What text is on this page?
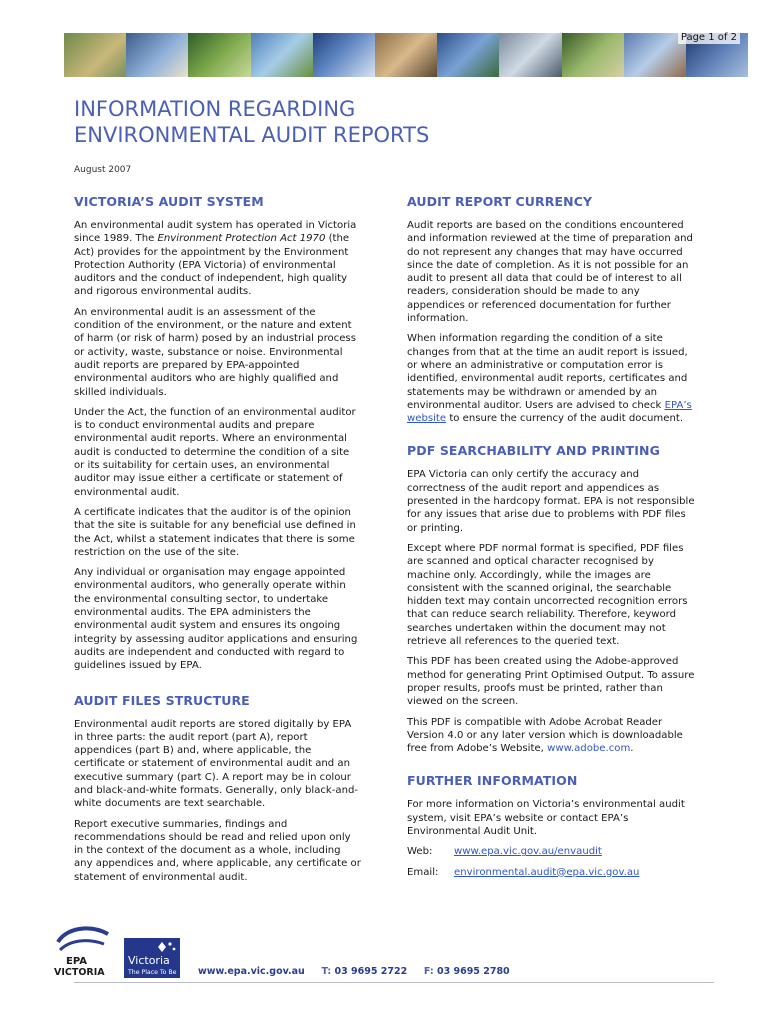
Page 1 of 2
INFORMATION REGARDING
ENVIRONMENTAL AUDIT REPORTS
August 2007
VICTORIA’S AUDIT SYSTEM

An environmental audit system has operated in Victoria since 1989. The Environment Protection Act 1970 (the Act) provides for the appointment by the Environment Protection Authority (EPA Victoria) of environmental auditors and the conduct of independent, high quality and rigorous environmental audits.

An environmental audit is an assessment of the condition of the environment, or the nature and extent of harm (or risk of harm) posed by an industrial process or activity, waste, substance or noise. Environmental audit reports are prepared by EPA-appointed environmental auditors who are highly qualified and skilled individuals.

Under the Act, the function of an environmental auditor is to conduct environmental audits and prepare environmental audit reports. Where an environmental audit is conducted to determine the condition of a site or its suitability for certain uses, an environmental auditor may issue either a certificate or statement of environmental audit.

A certificate indicates that the auditor is of the opinion that the site is suitable for any beneficial use defined in the Act, whilst a statement indicates that there is some restriction on the use of the site.

Any individual or organisation may engage appointed environmental auditors, who generally operate within the environmental consulting sector, to undertake environmental audits. The EPA administers the environmental audit system and ensures its ongoing integrity by assessing auditor applications and ensuring audits are independent and conducted with regard to guidelines issued by EPA.

AUDIT FILES STRUCTURE

Environmental audit reports are stored digitally by EPA in three parts: the audit report (part A), report appendices (part B) and, where applicable, the certificate or statement of environmental audit and an executive summary (part C). A report may be in colour and black-and-white formats. Generally, only black-and-white documents are text searchable.

Report executive summaries, findings and recommendations should be read and relied upon only in the context of the document as a whole, including any appendices and, where applicable, any certificate or statement of environmental audit.

AUDIT REPORT CURRENCY

Audit reports are based on the conditions encountered and information reviewed at the time of preparation and do not represent any changes that may have occurred since the date of completion. As it is not possible for an audit to present all data that could be of interest to all readers, consideration should be made to any appendices or referenced documentation for further information.

When information regarding the condition of a site changes from that at the time an audit report is issued, or where an administrative or computation error is identified, environmental audit reports, certificates and statements may be withdrawn or amended by an environmental auditor. Users are advised to check EPA’s website to ensure the currency of the audit document.

PDF SEARCHABILITY AND PRINTING

EPA Victoria can only certify the accuracy and correctness of the audit report and appendices as presented in the hardcopy format. EPA is not responsible for any issues that arise due to problems with PDF files or printing.

Except where PDF normal format is specified, PDF files are scanned and optical character recognised by machine only. Accordingly, while the images are consistent with the scanned original, the searchable hidden text may contain uncorrected recognition errors that can reduce search reliability. Therefore, keyword searches undertaken within the document may not retrieve all references to the queried text.

This PDF has been created using the Adobe-approved method for generating Print Optimised Output. To assure proper results, proofs must be printed, rather than viewed on the screen.

This PDF is compatible with Adobe Acrobat Reader Version 4.0 or any later version which is downloadable free from Adobe’s Website, www.adobe.com.

FURTHER INFORMATION

For more information on Victoria’s environmental audit system, visit EPA’s website or contact EPA’s Environmental Audit Unit.

Web:	www.epa.vic.gov.au/envaudit
Email:	environmental.audit@epa.vic.gov.au
EPA
VICTORIA
Victoria
The Place To Be www.epa.vic.gov.au T: 03 9695 2722 F: 03 9695 2780
